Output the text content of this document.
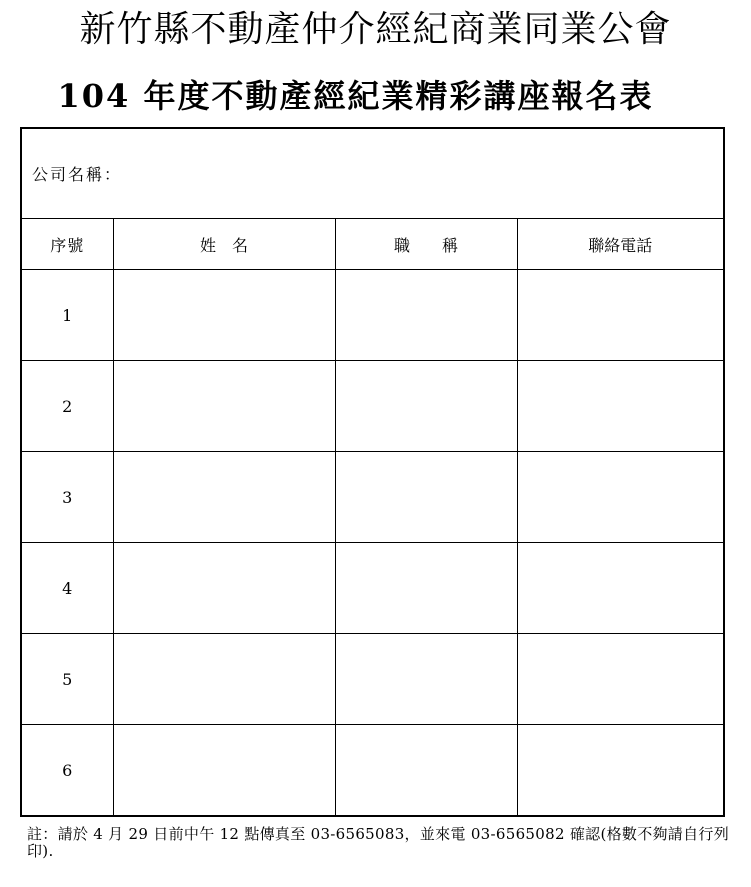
新竹縣不動產仲介經紀商業同業公會
104 年度不動產經紀業精彩講座報名表
公司名稱：			
序號	姓　名	職　　稱	聯絡電話
1			
2			
3			
4			
5			
6			
註：請於 4 月 29 日前中午 12 點傳真至 03-6565083，並來電 03-6565082 確認(格數不夠請自行列印).
